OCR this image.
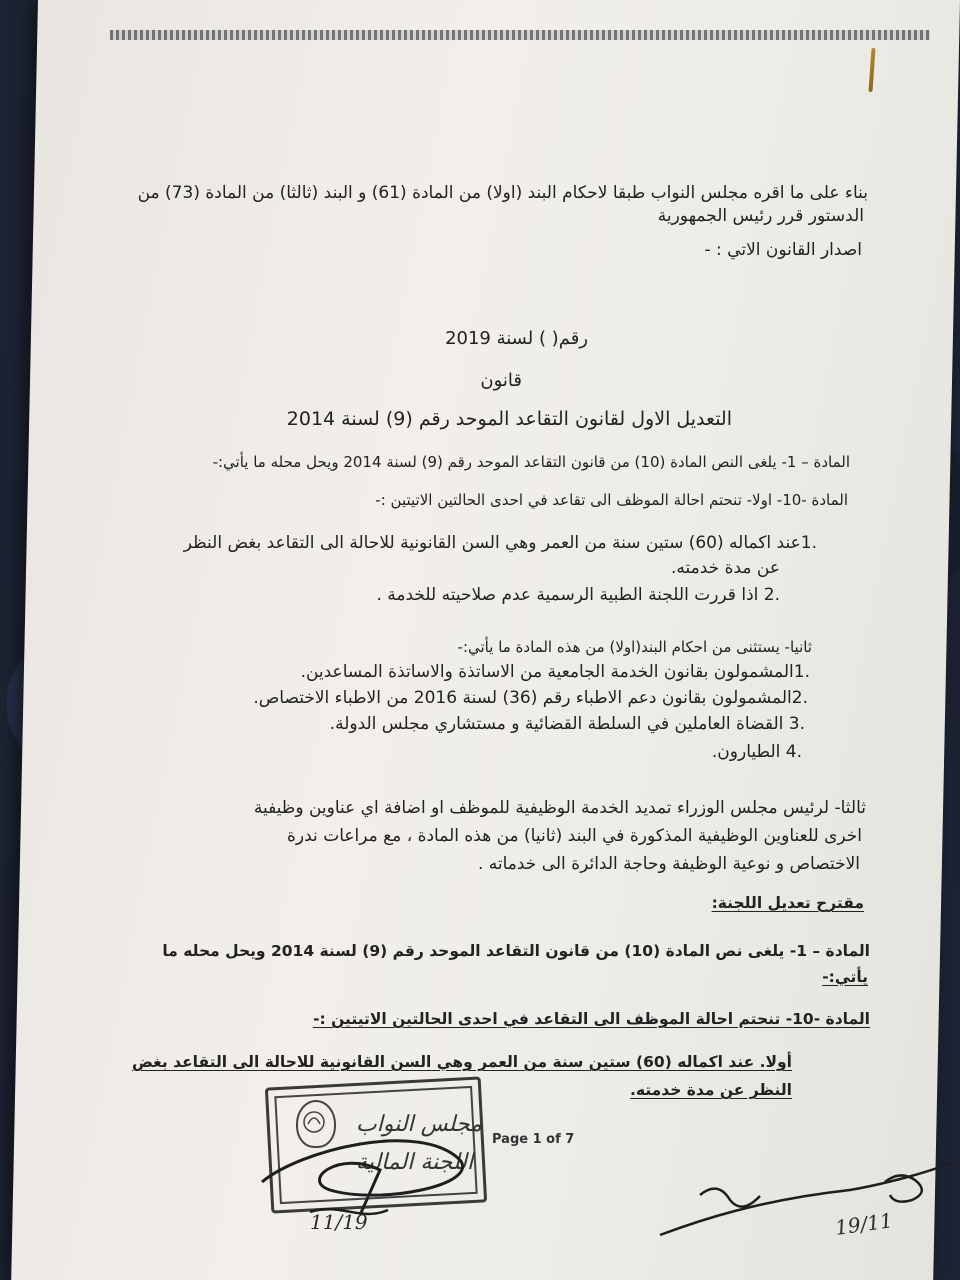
بناء على ما اقره مجلس النواب طبقا لاحكام البند (اولا) من المادة (61) و البند (ثالثا) من المادة (73) من
الدستور قرر رئيس الجمهورية
اصدار القانون الاتي : -
رقم( ) لسنة 2019
قانون
التعديل الاول لقانون التقاعد الموحد رقم (9) لسنة 2014
المادة – 1- يلغى النص المادة (10) من قانون التقاعد الموحد رقم (9) لسنة 2014 ويحل محله ما يأتي:-
المادة -10- اولا- تنحتم احالة الموظف الى تقاعد في احدى الحالتين الاتيتين :-
.1عند اكماله (60) ستين سنة من العمر وهي السن القانونية للاحالة الى التقاعد بغض النظر
عن مدة خدمته.
.2 اذا قررت اللجنة الطبية الرسمية عدم صلاحيته للخدمة .
ثانيا- يستثنى من احكام البند(اولا) من هذه المادة ما يأتي:-
.1المشمولون بقانون الخدمة الجامعية من الاساتذة والاساتذة المساعدين.
.2المشمولون بقانون دعم الاطباء رقم (36) لسنة 2016 من الاطباء الاختصاص.
.3 القضاة العاملين في السلطة القضائية و مستشاري مجلس الدولة.
.4 الطيارون.
ثالثا- لرئيس مجلس الوزراء تمديد الخدمة الوظيفية للموظف او اضافة اي عناوين وظيفية
اخرى للعناوين الوظيفية المذكورة في البند (ثانيا) من هذه المادة ، مع مراعات ندرة
الاختصاص و نوعية الوظيفة وحاجة الدائرة الى خدماته .
مقترح تعديل اللجنة:
المادة – 1- يلغى نص المادة (10) من قانون التقاعد الموحد رقم (9) لسنة 2014 ويحل محله ما
يأتي:-
المادة -10- تنحتم احالة الموظف الى التقاعد في احدى الحالتين الاتيتين :-
أولا. عند اكماله (60) ستين سنة من العمر وهي السن القانونية للاحالة الى التقاعد بغض
النظر عن مدة خدمته.
مجلس النواب
اللجنة المالية
Page 1 of 7
11/19	19/11
